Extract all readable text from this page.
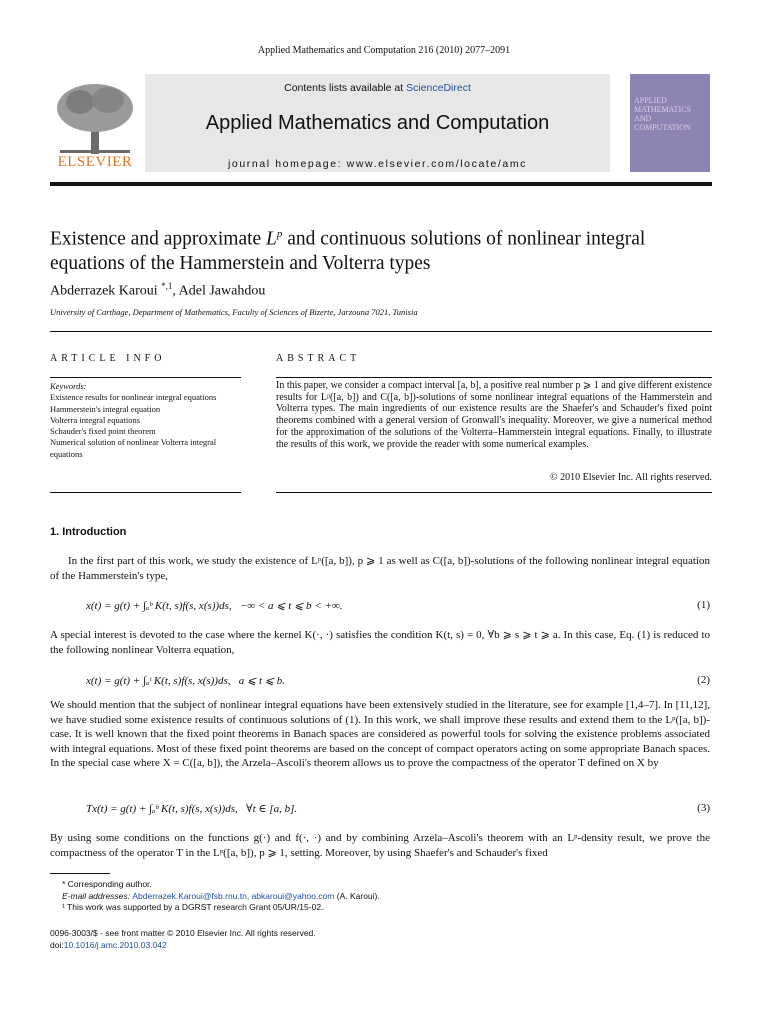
Applied Mathematics and Computation 216 (2010) 2077–2091
ELSEVIER
Contents lists available at ScienceDirect
Applied Mathematics and Computation
journal homepage: www.elsevier.com/locate/amc
APPLIED
MATHEMATICS
AND
COMPUTATION
Existence and approximate $L^p$ and continuous solutions of nonlinear integral equations of the Hammerstein and Volterra types
Abderrazek Karoui $^{*,1}$, Adel Jawahdou
University of Carthage, Department of Mathematics, Faculty of Sciences of Bizerte, Jarzouna 7021, Tunisia
ARTICLE INFO	ABSTRACT
Keywords:
Existence results for nonlinear integral equations
Hammerstein's integral equation
Volterra integral equations
Schauder's fixed point theorem
Numerical solution of nonlinear Volterra integral equations
In this paper, we consider a compact interval [a, b], a positive real number p ⩾ 1 and give different existence results for Lᵖ([a, b]) and C([a, b])-solutions of some nonlinear integral equations of the Hammerstein and Volterra types. The main ingredients of our existence results are the Shaefer's and Schauder's fixed point theorems combined with a general version of Gronwall's inequality. Moreover, we give a numerical method for the approximation of the solutions of the Volterra–Hammerstein integral equations. Finally, to illustrate the results of this work, we provide the reader with some numerical examples.
© 2010 Elsevier Inc. All rights reserved.
1. Introduction
In the first part of this work, we study the existence of Lᵖ([a, b]), p ⩾ 1 as well as C([a, b])-solutions of the following nonlinear integral equation of the Hammerstein's type,
x(t) = g(t) + ∫ₐᵇ K(t, s)f(s, x(s))ds,   −∞ < a ⩽ t ⩽ b < +∞.	(1)
A special interest is devoted to the case where the kernel K(·, ·) satisfies the condition K(t, s) = 0, ∀b ⩾ s ⩾ t ⩾ a. In this case, Eq. (1) is reduced to the following nonlinear Volterra equation,
x(t) = g(t) + ∫ₐᵗ K(t, s)f(s, x(s))ds,   a ⩽ t ⩽ b.	(2)
We should mention that the subject of nonlinear integral equations have been extensively studied in the literature, see for example [1,4–7]. In [11,12], we have studied some existence results of continuous solutions of (1). In this work, we shall improve these results and extend them to the Lᵖ([a, b])-case. It is well known that the fixed point theorems in Banach spaces are considered as powerful tools for solving the existence problems associated with integral equations. Most of these fixed point theorems are based on the concept of compact operators acting on some appropriate Banach spaces. In the special case where X = C([a, b]), the Arzela–Ascoli's theorem allows us to prove the compactness of the operator T defined on X by
Tx(t) = g(t) + ∫ₐᵇ K(t, s)f(s, x(s))ds,   ∀t ∈ [a, b].	(3)
By using some conditions on the functions g(·) and f(·, ·) and by combining Arzela–Ascoli's theorem with an Lᵖ-density result, we prove the compactness of the operator T in the Lᵖ([a, b]), p ⩾ 1, setting. Moreover, by using Shaefer's and Schauder's fixed
* Corresponding author.
E-mail addresses: Abderrazek.Karoui@fsb.rnu.tn, abkaroui@yahoo.com (A. Karoui).
¹ This work was supported by a DGRST research Grant 05/UR/15-02.
0096-3003/$ - see front matter © 2010 Elsevier Inc. All rights reserved.
doi:10.1016/j.amc.2010.03.042
